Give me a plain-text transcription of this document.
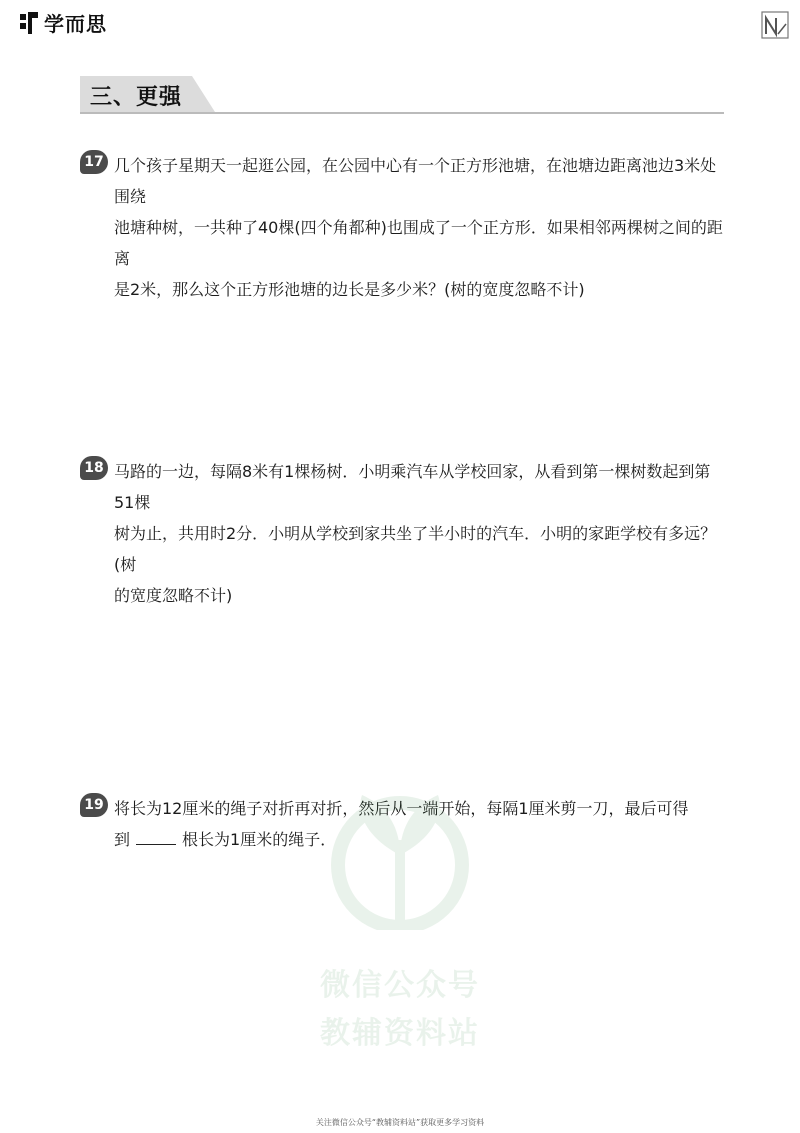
学而思
三、更强
17 几个孩子星期天一起逛公园，在公园中心有一个正方形池塘，在池塘边距离池边3米处围绕
池塘种树，一共种了40棵(四个角都种)也围成了一个正方形．如果相邻两棵树之间的距离
是2米，那么这个正方形池塘的边长是多少米？(树的宽度忽略不计)
18 马路的一边，每隔8米有1棵杨树．小明乘汽车从学校回家，从看到第一棵树数起到第51棵
树为止，共用时2分．小明从学校到家共坐了半小时的汽车．小明的家距学校有多远？(树
的宽度忽略不计)
19 将长为12厘米的绳子对折再对折，然后从一端开始，每隔1厘米剪一刀，最后可得
到	根长为1厘米的绳子．
微信公众号
教辅资料站
关注微信公众号“教辅资料站”获取更多学习资料
